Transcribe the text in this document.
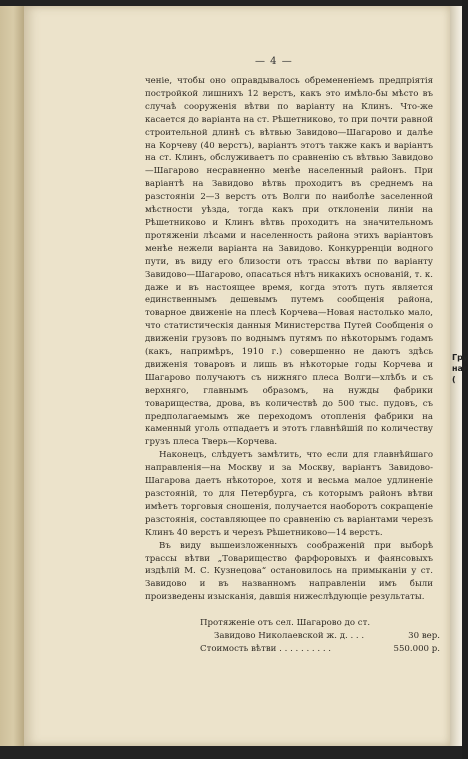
Гру
наг
(
— 4 —

ченіе, чтобы оно оправдывалось обремененіемъ предпріятія постройкой лишнихъ 12 верстъ, какъ это имѣло-бы мѣсто въ случаѣ сооруженія вѣтви по варіанту на Клинъ. Что-же касается до варіанта на ст. Рѣшетниково, то при почти равной строительной длинѣ съ вѣтвью Завидово—Шагарово и далѣе на Корчеву (40 верстъ), варіантъ этотъ также какъ и варіантъ на ст. Клинъ, обслуживаетъ по сравненію съ вѣтвью Завидово—Шагарово несравненно менѣе населенный районъ. При варіантѣ на Завидово вѣтвь проходитъ въ среднемъ на разстояніи 2—3 верстъ отъ Волги по наиболѣе заселенной мѣстности уѣзда, тогда какъ при отклоненіи линіи на Рѣшетниково и Клинъ вѣтвь проходитъ на значительномъ протяженіи лѣсами и населенность района этихъ варіантовъ менѣе нежели варіанта на Завидово. Конкурренціи водного пути, въ виду его близости отъ трассы вѣтви по варіанту Завидово—Шагарово, опасаться нѣтъ никакихъ основаній, т. к. даже и въ настоящее время, когда этотъ путь является единственнымъ дешевымъ путемъ сообщенія района, товарное движеніе на плесѣ Корчева—Новая настолько мало, что статистическія данныя Министерства Путей Сообщенія о движеніи грузовъ по воднымъ путямъ по нѣкоторымъ годамъ (какъ, напримѣръ, 1910 г.) совершенно не даютъ здѣсь движенія товаровъ и лишь въ нѣкоторые годы Корчева и Шагарово получаютъ съ нижняго плеса Волги—хлѣбъ и съ верхняго, главнымъ образомъ, на нужды фабрики товарищества, дрова, въ количествѣ до 500 тыс. пудовъ, съ предполагаемымъ же переходомъ отопленія фабрики на каменный уголь отпадаетъ и этотъ главнѣйшій по количеству грузъ плеса Тверь—Корчева.

Наконецъ, слѣдуетъ замѣтить, что если для главнѣйшаго направленія—на Москву и за Москву, варіантъ Завидово-Шагарова даетъ нѣкоторое, хотя и весьма малое удлиненіе разстояній, то для Петербурга, съ которымъ районъ вѣтви имѣетъ торговыя сношенія, получается наоборотъ сокращеніе разстоянія, составляющее по сравненію съ варіантами черезъ Клинъ 40 верстъ и черезъ Рѣшетниково—14 верстъ.

Въ виду вышеизложенныхъ соображеній при выборѣ трассы вѣтви „Товарищество фарфоровыхъ и фаянсовыхъ издѣлій М. С. Кузнецова“ остановилось на примыканіи у ст. Завидово и въ названномъ направленіи имъ были произведены изысканія, давшія нижеслѣдующіе результаты.

Протяженіе отъ сел. Шагарово до ст.
Завидово Николаевской ж. д. . . .	30 вер.
Стоимость вѣтви . . . . . . . . . .	550.000 р.
